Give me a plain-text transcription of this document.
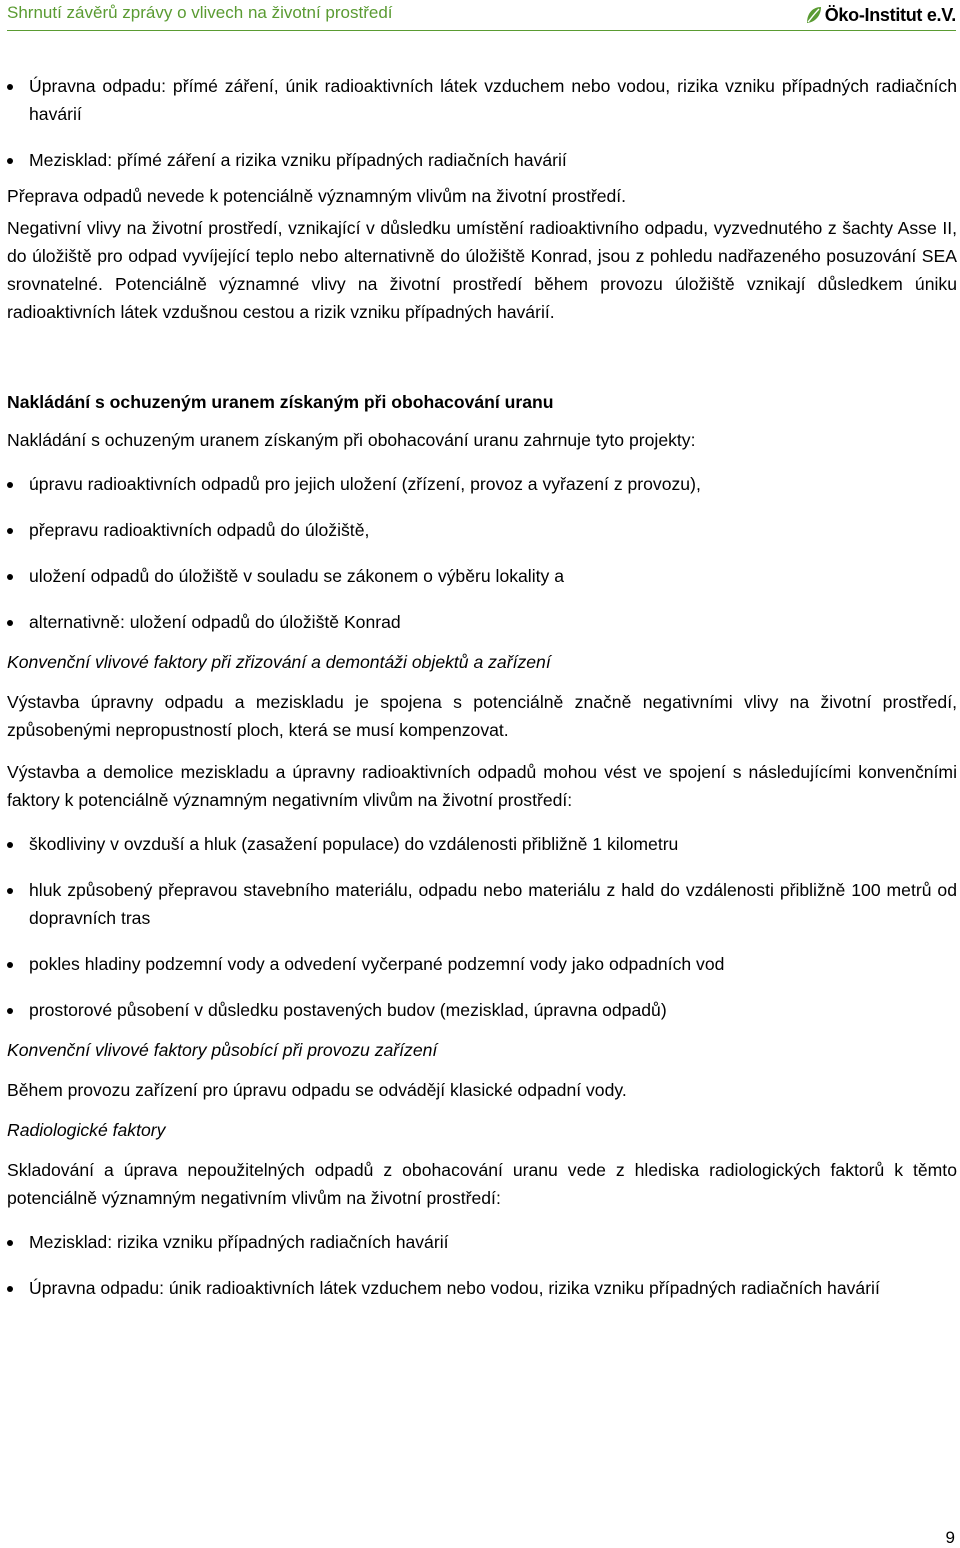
Shrnutí závěrů zprávy o vlivech na životní prostředí	Öko-Institut e.V.
Úpravna odpadu: přímé záření, únik radioaktivních látek vzduchem nebo vodou, rizika vzniku případných radiačních havárií
Mezisklad: přímé záření a rizika vzniku případných radiačních havárií
Přeprava odpadů nevede k potenciálně významným vlivům na životní prostředí.
Negativní vlivy na životní prostředí, vznikající v důsledku umístění radioaktivního odpadu, vyzvednutého z šachty Asse II, do úložiště pro odpad vyvíjející teplo nebo alternativně do úložiště Konrad, jsou z pohledu nadřazeného posuzování SEA srovnatelné. Potenciálně významné vlivy na životní prostředí během provozu úložiště vznikají důsledkem úniku radioaktivních látek vzdušnou cestou a rizik vzniku případných havárií.
Nakládání s ochuzeným uranem získaným při obohacování uranu
Nakládání s ochuzeným uranem získaným při obohacování uranu zahrnuje tyto projekty:
úpravu radioaktivních odpadů pro jejich uložení (zřízení, provoz a vyřazení z provozu),
přepravu radioaktivních odpadů do úložiště,
uložení odpadů do úložiště v souladu se zákonem o výběru lokality a
alternativně: uložení odpadů do úložiště Konrad
Konvenční vlivové faktory při zřizování a demontáži objektů a zařízení
Výstavba úpravny odpadu a meziskladu je spojena s potenciálně značně negativními vlivy na životní prostředí, způsobenými nepropustností ploch, která se musí kompenzovat.
Výstavba a demolice meziskladu a úpravny radioaktivních odpadů mohou vést ve spojení s následujícími konvenčními faktory k potenciálně významným negativním vlivům na životní prostředí:
škodliviny v ovzduší a hluk (zasažení populace) do vzdálenosti přibližně 1 kilometru
hluk způsobený přepravou stavebního materiálu, odpadu nebo materiálu z hald do vzdálenosti přibližně 100 metrů od dopravních tras
pokles hladiny podzemní vody a odvedení vyčerpané podzemní vody jako odpadních vod
prostorové působení v důsledku postavených budov (mezisklad, úpravna odpadů)
Konvenční vlivové faktory působící při provozu zařízení
Během provozu zařízení pro úpravu odpadu se odvádějí klasické odpadní vody.
Radiologické faktory
Skladování a úprava nepoužitelných odpadů z obohacování uranu vede z hlediska radiologických faktorů k těmto potenciálně významným negativním vlivům na životní prostředí:
Mezisklad: rizika vzniku případných radiačních havárií
Úpravna odpadu: únik radioaktivních látek vzduchem nebo vodou, rizika vzniku případných radiačních havárií
9
